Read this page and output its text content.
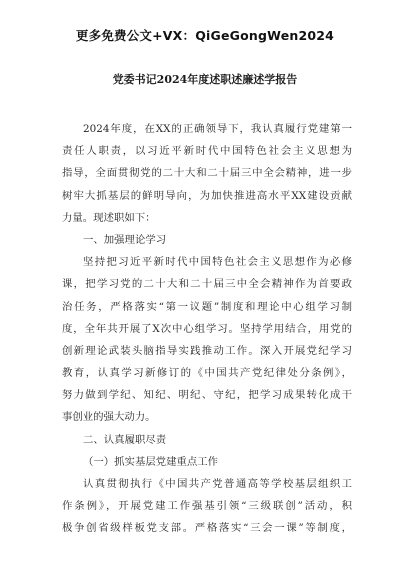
更多免费公文+VX：QiGeGongWen2024
党委书记2024年度述职述廉述学报告
2024年度，在XX的正确领导下，我认真履行党建第一
责任人职责，以习近平新时代中国特色社会主义思想为
指导，全面贯彻党的二十大和二十届三中全会精神，进一步
树牢大抓基层的鲜明导向，为加快推进高水平XX建设贡献
力量。现述职如下：
一、加强理论学习
坚持把习近平新时代中国特色社会主义思想作为必修
课，把学习党的二十大和二十届三中全会精神作为首要政
治任务，严格落实“第一议题”制度和理论中心组学习制
度，全年共开展了X次中心组学习。坚持学用结合，用党的
创新理论武装头脑指导实践推动工作。深入开展党纪学习
教育，认真学习新修订的《中国共产党纪律处分条例》，
努力做到学纪、知纪、明纪、守纪，把学习成果转化成干
事创业的强大动力。
二、认真履职尽责
（一）抓实基层党建重点工作
认真贯彻执行《中国共产党普通高等学校基层组织工
作条例》，开展党建工作强基引领“三级联创”活动，积
极争创省级样板党支部。严格落实“三会一课”等制度，
